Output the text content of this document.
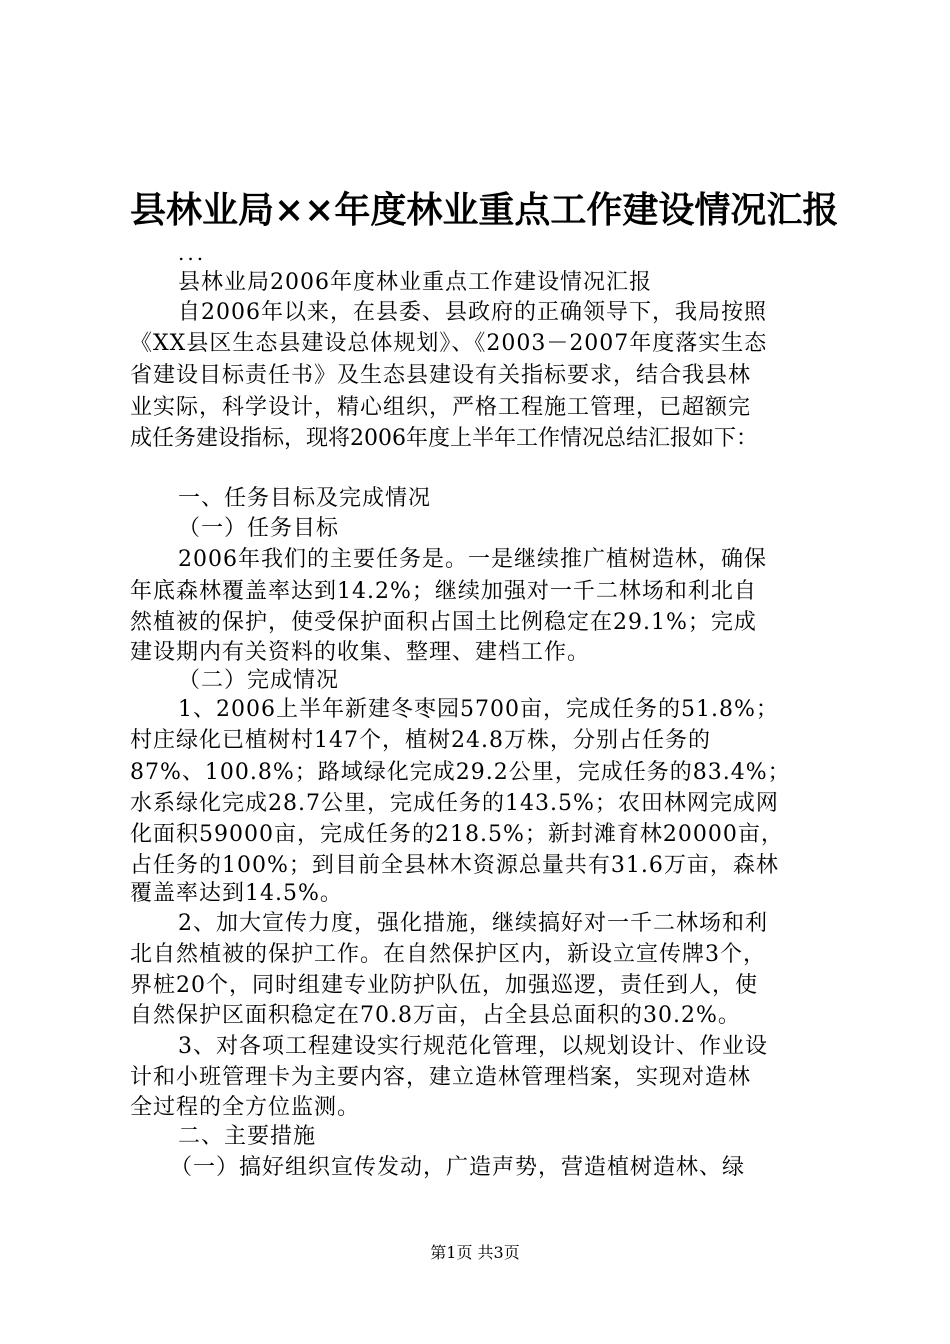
县林业局××年度林业重点工作建设情况汇报
...
县林业局2006年度林业重点工作建设情况汇报
自2006年以来，在县委、县政府的正确领导下，我局按照
《XX县区生态县建设总体规划》、《2003－2007年度落实生态
省建设目标责任书》及生态县建设有关指标要求，结合我县林
业实际，科学设计，精心组织，严格工程施工管理，已超额完
成任务建设指标，现将2006年度上半年工作情况总结汇报如下：
一、任务目标及完成情况
（一）任务目标
2006年我们的主要任务是。一是继续推广植树造林，确保
年底森林覆盖率达到14.2%；继续加强对一千二林场和利北自
然植被的保护，使受保护面积占国土比例稳定在29.1%；完成
建设期内有关资料的收集、整理、建档工作。
（二）完成情况
1、2006上半年新建冬枣园5700亩，完成任务的51.8%；
村庄绿化已植树村147个，植树24.8万株，分别占任务的
87%、100.8%；路域绿化完成29.2公里，完成任务的83.4%；
水系绿化完成28.7公里，完成任务的143.5%；农田林网完成网
化面积59000亩，完成任务的218.5%；新封滩育林20000亩，
占任务的100%；到目前全县林木资源总量共有31.6万亩，森林
覆盖率达到14.5%。
2、加大宣传力度，强化措施，继续搞好对一千二林场和利
北自然植被的保护工作。在自然保护区内，新设立宣传牌3个，
界桩20个，同时组建专业防护队伍，加强巡逻，责任到人，使
自然保护区面积稳定在70.8万亩，占全县总面积的30.2%。
3、对各项工程建设实行规范化管理，以规划设计、作业设
计和小班管理卡为主要内容，建立造林管理档案，实现对造林
全过程的全方位监测。
二、主要措施
（一）搞好组织宣传发动，广造声势，营造植树造林、绿
第1页 共3页
